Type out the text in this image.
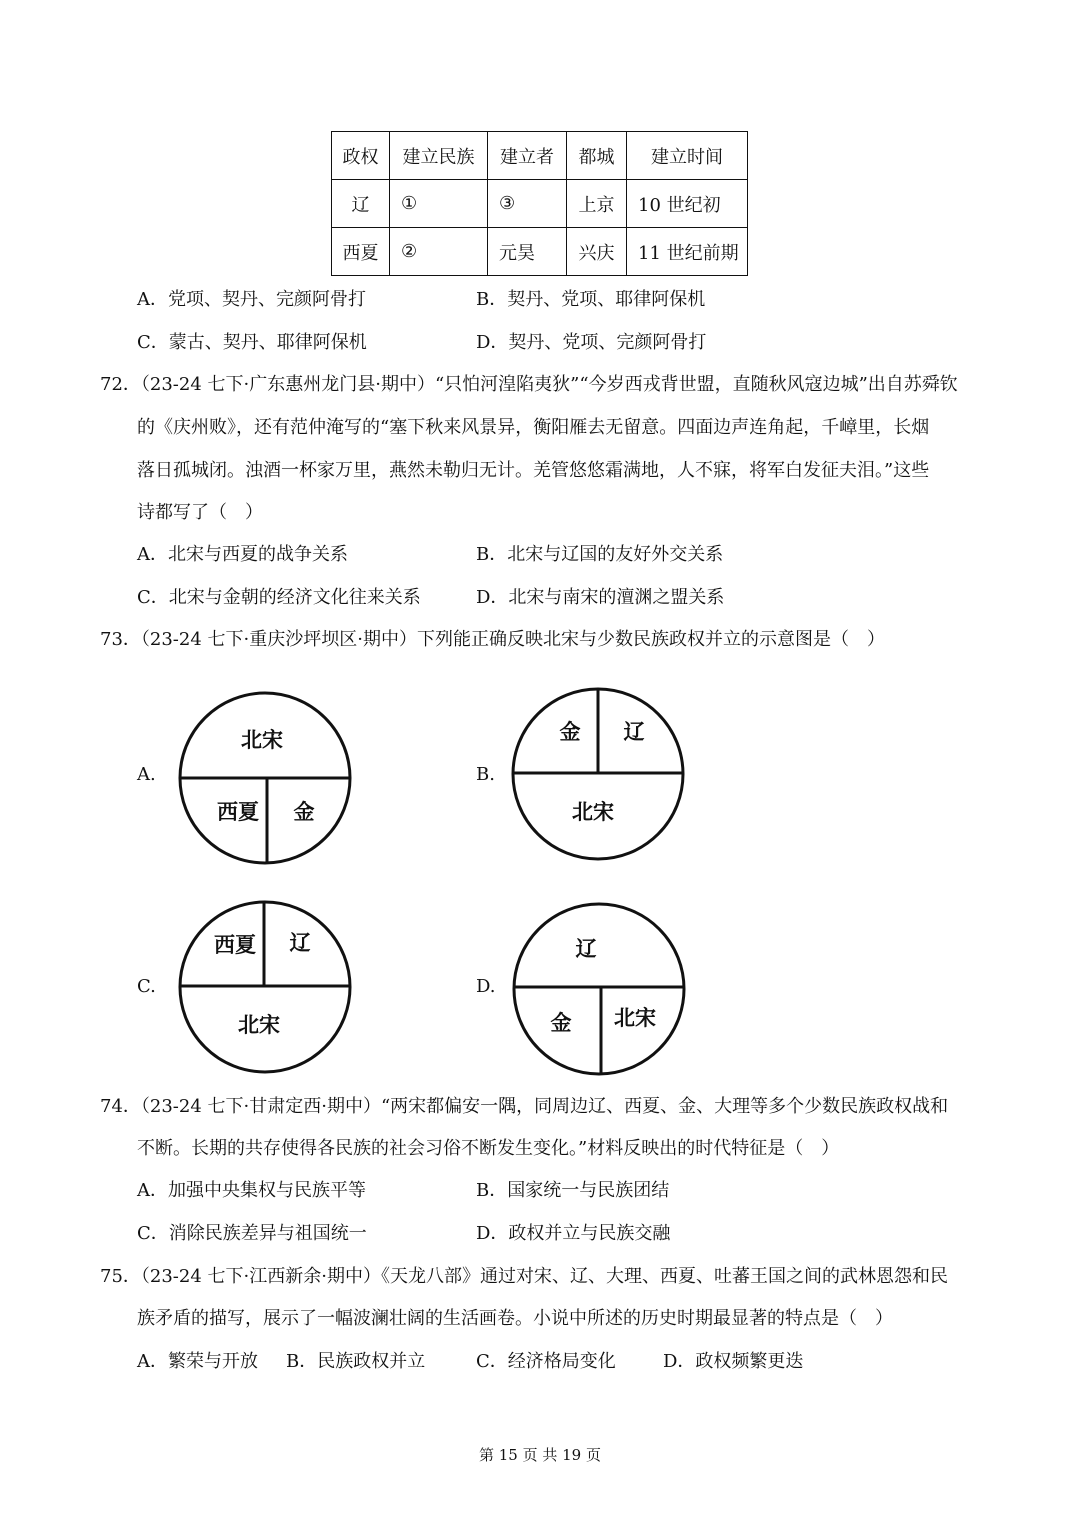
政权	建立民族	建立者	都城	建立时间
辽	①	③	上京	10 世纪初
西夏	②	元昊	兴庆	11 世纪前期
A．党项、契丹、完颜阿骨打	B．契丹、党项、耶律阿保机
C．蒙古、契丹、耶律阿保机	D．契丹、党项、完颜阿骨打
72．（23-24 七下·广东惠州龙门县·期中）“只怕河湟陷夷狄”“今岁西戎背世盟，直随秋风寇边城”出自苏舜钦
的《庆州败》，还有范仲淹写的“塞下秋来风景异，衡阳雁去无留意。四面边声连角起，千嶂里，长烟
落日孤城闭。浊酒一杯家万里，燕然未勒归无计。羌管悠悠霜满地，人不寐，将军白发征夫泪。”这些
诗都写了（　）
A．北宋与西夏的战争关系	B．北宋与辽国的友好外交关系
C．北宋与金朝的经济文化往来关系	D．北宋与南宋的澶渊之盟关系
73．（23-24 七下·重庆沙坪坝区·期中）下列能正确反映北宋与少数民族政权并立的示意图是（　）
A.
北宋
西夏 金
B.
金 辽
北宋
C.
西夏 辽
北宋
D.
辽
金 北宋
74．（23-24 七下·甘肃定西·期中）“两宋都偏安一隅，同周边辽、西夏、金、大理等多个少数民族政权战和
不断。长期的共存使得各民族的社会习俗不断发生变化。”材料反映出的时代特征是（　）
A．加强中央集权与民族平等	B．国家统一与民族团结
C．消除民族差异与祖国统一	D．政权并立与民族交融
75．（23-24 七下·江西新余·期中）《天龙八部》通过对宋、辽、大理、西夏、吐蕃王国之间的武林恩怨和民
族矛盾的描写，展示了一幅波澜壮阔的生活画卷。小说中所述的历史时期最显著的特点是（　）
A．繁荣与开放 B．民族政权并立	C．经济格局变化	D．政权频繁更迭
第 15 页 共 19 页
